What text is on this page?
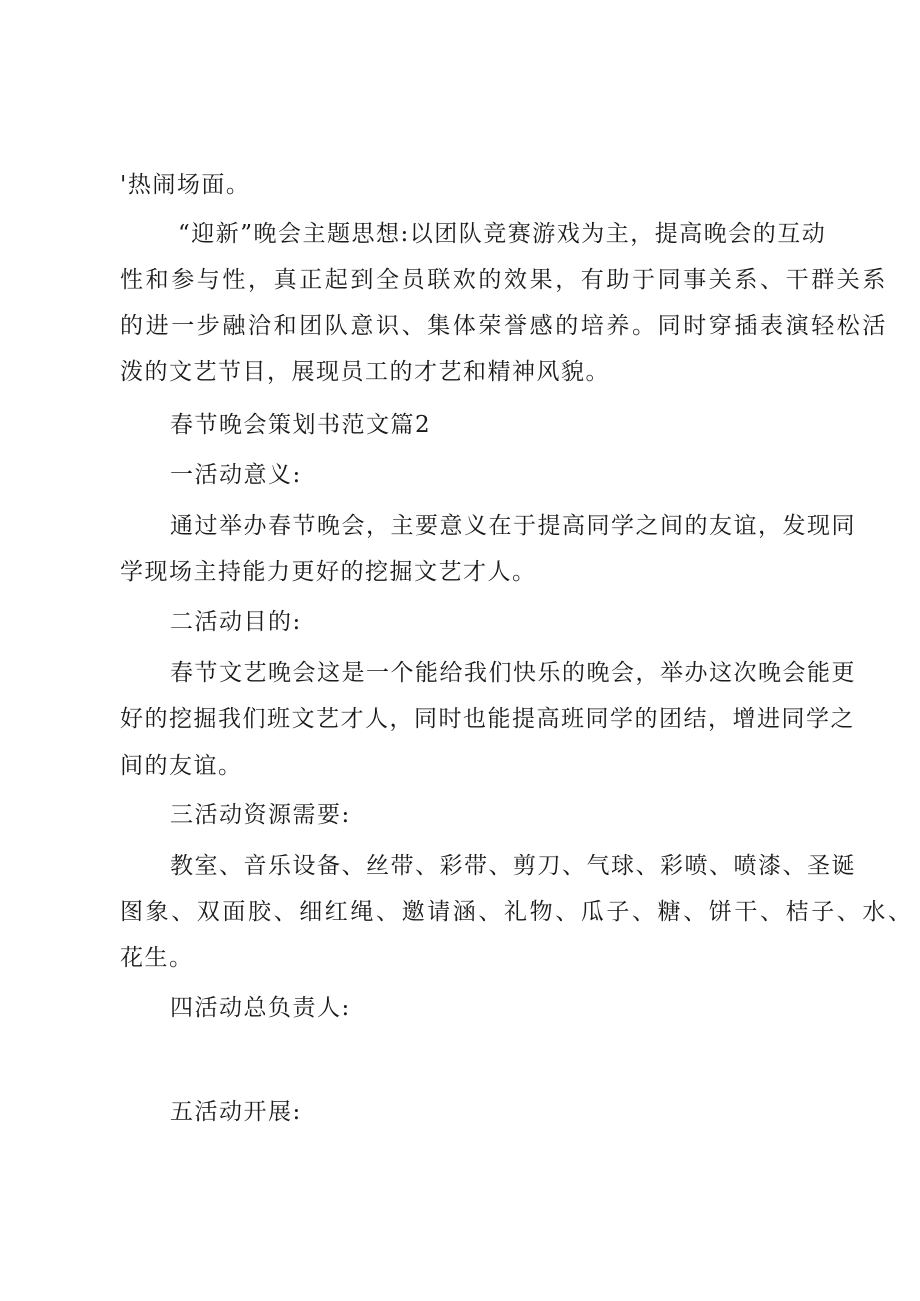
'热闹场面。
“迎新”晚会主题思想:以团队竞赛游戏为主，提高晚会的互动
性和参与性，真正起到全员联欢的效果，有助于同事关系、干群关系
的进一步融洽和团队意识、集体荣誉感的培养。同时穿插表演轻松活
泼的文艺节目，展现员工的才艺和精神风貌。
春节晚会策划书范文篇2
一活动意义:
通过举办春节晚会，主要意义在于提高同学之间的友谊，发现同
学现场主持能力更好的挖掘文艺才人。
二活动目的:
春节文艺晚会这是一个能给我们快乐的晚会，举办这次晚会能更
好的挖掘我们班文艺才人，同时也能提高班同学的团结，增进同学之
间的友谊。
三活动资源需要:
教室、音乐设备、丝带、彩带、剪刀、气球、彩喷、喷漆、圣诞
图象、双面胶、细红绳、邀请涵、礼物、瓜子、糖、饼干、桔子、水、
花生。
四活动总负责人:
五活动开展:
